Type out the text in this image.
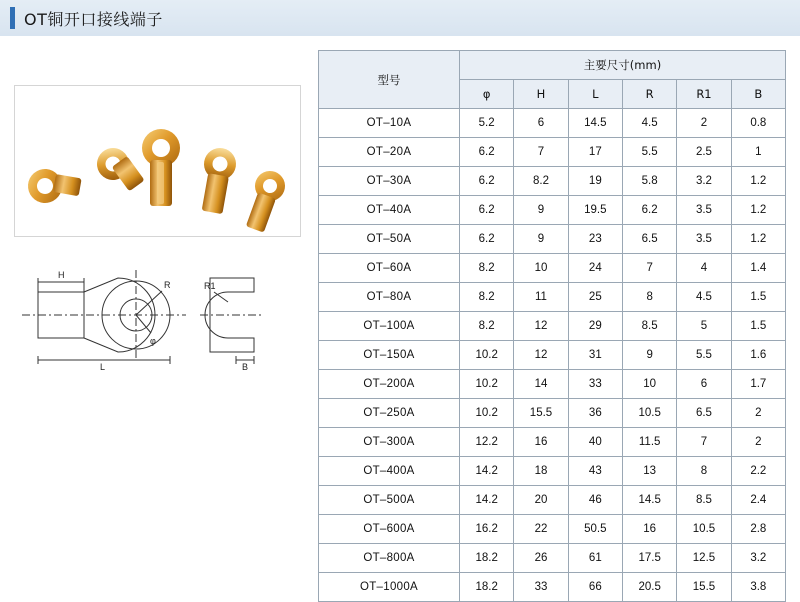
OT铜开口接线端子
H
R
L
φ
R1
B
型号	主要尺寸(mm)					
	φ	H	L	R	R1	B
OT–10A	5.2	6	14.5	4.5	2	0.8
OT–20A	6.2	7	17	5.5	2.5	1
OT–30A	6.2	8.2	19	5.8	3.2	1.2
OT–40A	6.2	9	19.5	6.2	3.5	1.2
OT–50A	6.2	9	23	6.5	3.5	1.2
OT–60A	8.2	10	24	7	4	1.4
OT–80A	8.2	11	25	8	4.5	1.5
OT–100A	8.2	12	29	8.5	5	1.5
OT–150A	10.2	12	31	9	5.5	1.6
OT–200A	10.2	14	33	10	6	1.7
OT–250A	10.2	15.5	36	10.5	6.5	2
OT–300A	12.2	16	40	11.5	7	2
OT–400A	14.2	18	43	13	8	2.2
OT–500A	14.2	20	46	14.5	8.5	2.4
OT–600A	16.2	22	50.5	16	10.5	2.8
OT–800A	18.2	26	61	17.5	12.5	3.2
OT–1000A	18.2	33	66	20.5	15.5	3.8
